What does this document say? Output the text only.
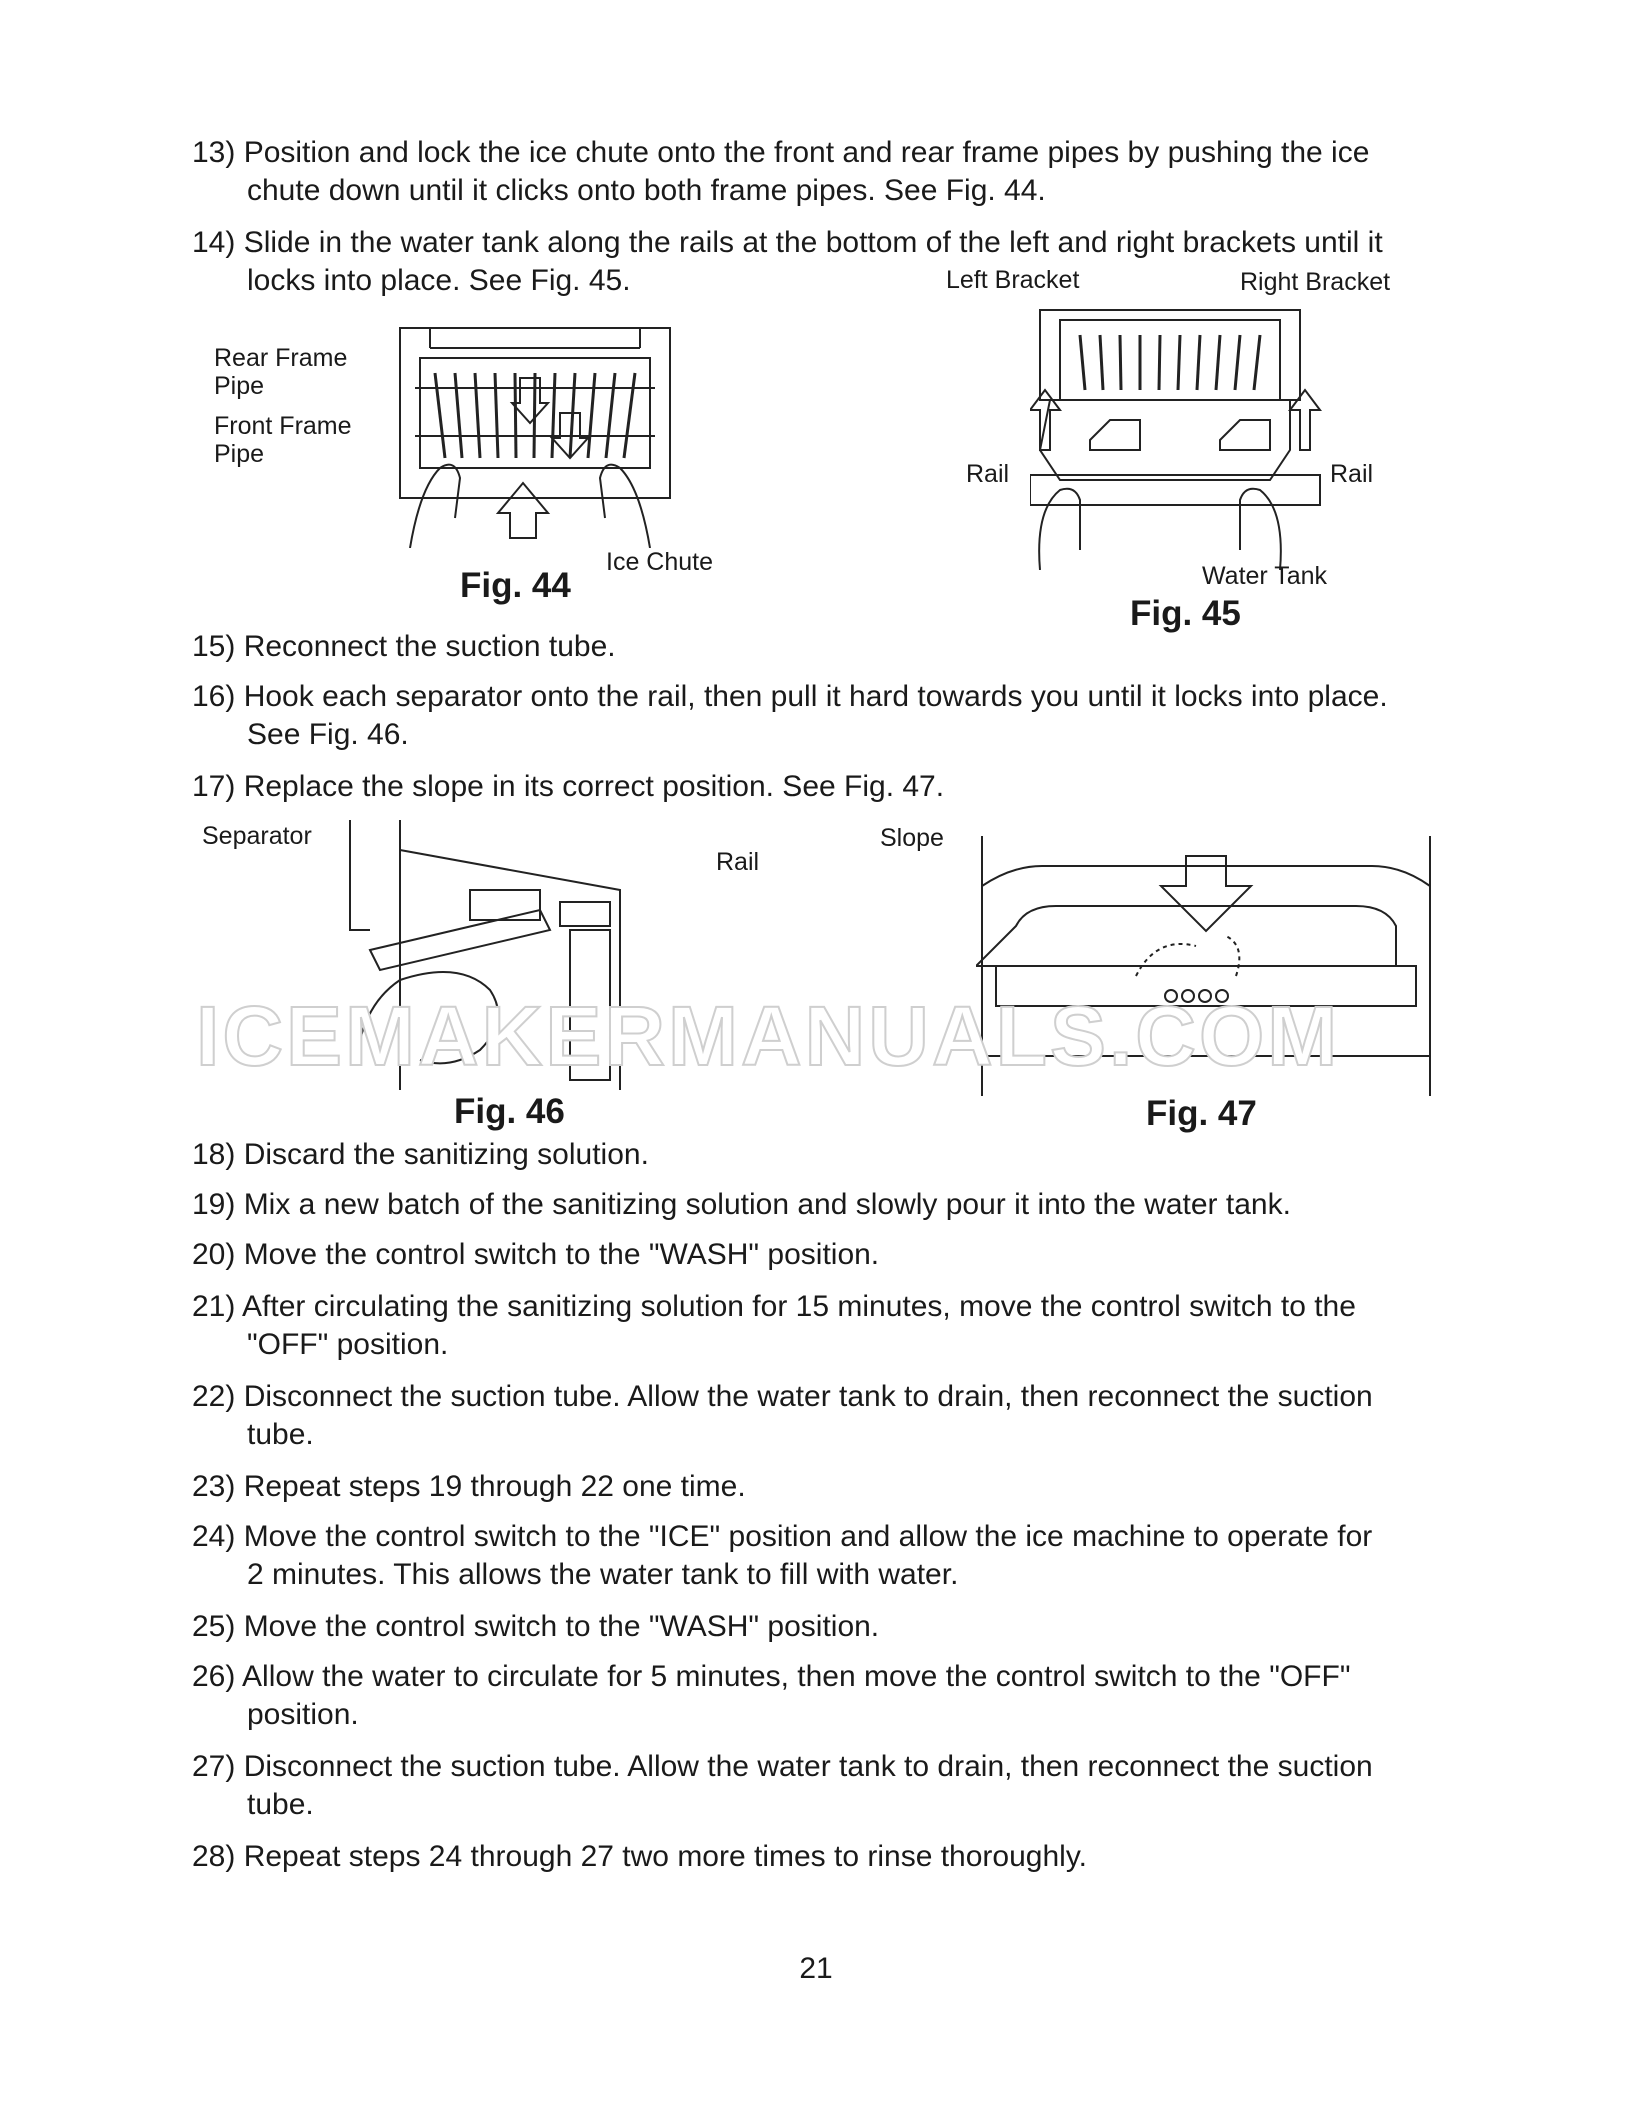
13) Position and lock the ice chute onto the front and rear frame pipes by pushing the ice
chute down until it clicks onto both frame pipes. See Fig. 44.
14) Slide in the water tank along the rails at the bottom of the left and right brackets until it
locks into place. See Fig. 45.
Rear Frame
Pipe
Front Frame
Pipe
Ice Chute
Fig. 44
Left Bracket	Right Bracket
Rail	Rail
Water Tank
Fig. 45
15) Reconnect the suction tube.
16) Hook each separator onto the rail, then pull it hard towards you until it locks into place.
See Fig. 46.
17) Replace the slope in its correct position. See Fig. 47.
Separator
Rail
Fig. 46
Slope
Fig. 47
ICEMAKERMANUALS.COM
18) Discard the sanitizing solution.
19) Mix a new batch of the sanitizing solution and slowly pour it into the water tank.
20) Move the control switch to the "WASH" position.
21) After circulating the sanitizing solution for 15 minutes, move the control switch to the
"OFF" position.
22) Disconnect the suction tube. Allow the water tank to drain, then reconnect the suction
tube.
23) Repeat steps 19 through 22 one time.
24) Move the control switch to the "ICE" position and allow the ice machine to operate for
2 minutes. This allows the water tank to fill with water.
25) Move the control switch to the "WASH" position.
26) Allow the water to circulate for 5 minutes, then move the control switch to the "OFF"
position.
27) Disconnect the suction tube. Allow the water tank to drain, then reconnect the suction
tube.
28) Repeat steps 24 through 27 two more times to rinse thoroughly.
21
